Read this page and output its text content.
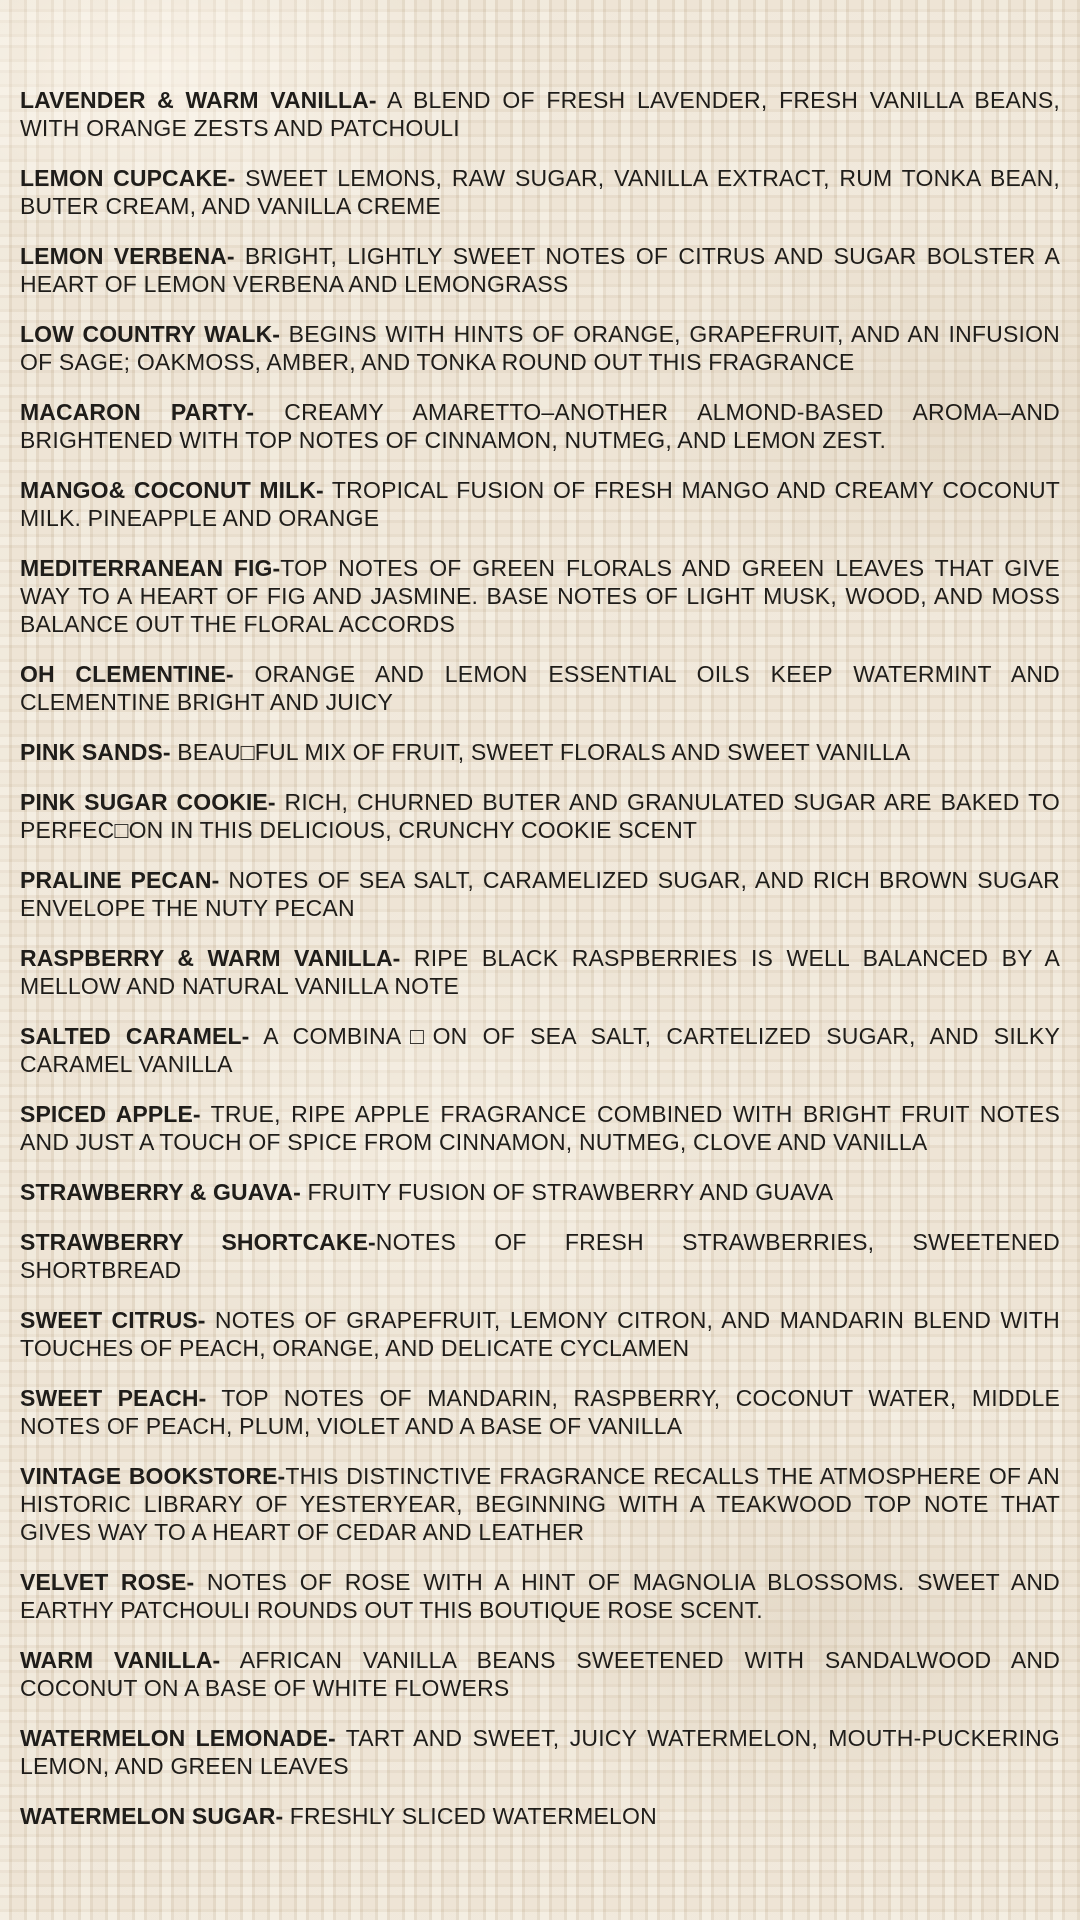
LAVENDER & WARM VANILLA- A BLEND OF FRESH LAVENDER, FRESH VANILLA BEANS, WITH ORANGE ZESTS AND PATCHOULI

LEMON CUPCAKE- SWEET LEMONS, RAW SUGAR, VANILLA EXTRACT, RUM TONKA BEAN, BUTER CREAM, AND VANILLA CREME

LEMON VERBENA- BRIGHT, LIGHTLY SWEET NOTES OF CITRUS AND SUGAR BOLSTER A HEART OF LEMON VERBENA AND LEMONGRASS

LOW COUNTRY WALK- BEGINS WITH HINTS OF ORANGE, GRAPEFRUIT, AND AN INFUSION OF SAGE; OAKMOSS, AMBER, AND TONKA ROUND OUT THIS FRAGRANCE

MACARON PARTY- CREAMY AMARETTO–ANOTHER ALMOND-BASED AROMA–AND BRIGHTENED WITH TOP NOTES OF CINNAMON, NUTMEG, AND LEMON ZEST.

MANGO& COCONUT MILK- TROPICAL FUSION OF FRESH MANGO AND CREAMY COCONUT MILK. PINEAPPLE AND ORANGE

MEDITERRANEAN FIG-TOP NOTES OF GREEN FLORALS AND GREEN LEAVES THAT GIVE WAY TO A HEART OF FIG AND JASMINE. BASE NOTES OF LIGHT MUSK, WOOD, AND MOSS BALANCE OUT THE FLORAL ACCORDS

OH CLEMENTINE- ORANGE AND LEMON ESSENTIAL OILS KEEP WATERMINT AND CLEMENTINE BRIGHT AND JUICY

PINK SANDS- BEAU□FUL MIX OF FRUIT, SWEET FLORALS AND SWEET VANILLA

PINK SUGAR COOKIE- RICH, CHURNED BUTER AND GRANULATED SUGAR ARE BAKED TO PERFEC□ON IN THIS DELICIOUS, CRUNCHY COOKIE SCENT

PRALINE PECAN- NOTES OF SEA SALT, CARAMELIZED SUGAR, AND RICH BROWN SUGAR ENVELOPE THE NUTY PECAN

RASPBERRY & WARM VANILLA- RIPE BLACK RASPBERRIES IS WELL BALANCED BY A MELLOW AND NATURAL VANILLA NOTE

SALTED CARAMEL- A COMBINA□ON OF SEA SALT, CARTELIZED SUGAR, AND SILKY CARAMEL VANILLA

SPICED APPLE- TRUE, RIPE APPLE FRAGRANCE COMBINED WITH BRIGHT FRUIT NOTES AND JUST A TOUCH OF SPICE FROM CINNAMON, NUTMEG, CLOVE AND VANILLA

STRAWBERRY & GUAVA- FRUITY FUSION OF STRAWBERRY AND GUAVA

STRAWBERRY SHORTCAKE-NOTES OF FRESH STRAWBERRIES, SWEETENED SHORTBREAD

SWEET CITRUS- NOTES OF GRAPEFRUIT, LEMONY CITRON, AND MANDARIN BLEND WITH TOUCHES OF PEACH, ORANGE, AND DELICATE CYCLAMEN

SWEET PEACH- TOP NOTES OF MANDARIN, RASPBERRY, COCONUT WATER, MIDDLE NOTES OF PEACH, PLUM, VIOLET AND A BASE OF VANILLA

VINTAGE BOOKSTORE-THIS DISTINCTIVE FRAGRANCE RECALLS THE ATMOSPHERE OF AN HISTORIC LIBRARY OF YESTERYEAR, BEGINNING WITH A TEAKWOOD TOP NOTE THAT GIVES WAY TO A HEART OF CEDAR AND LEATHER

VELVET ROSE- NOTES OF ROSE WITH A HINT OF MAGNOLIA BLOSSOMS. SWEET AND EARTHY PATCHOULI ROUNDS OUT THIS BOUTIQUE ROSE SCENT.

WARM VANILLA- AFRICAN VANILLA BEANS SWEETENED WITH SANDALWOOD AND COCONUT ON A BASE OF WHITE FLOWERS

WATERMELON LEMONADE- TART AND SWEET, JUICY WATERMELON, MOUTH-PUCKERING LEMON, AND GREEN LEAVES

WATERMELON SUGAR- FRESHLY SLICED WATERMELON
